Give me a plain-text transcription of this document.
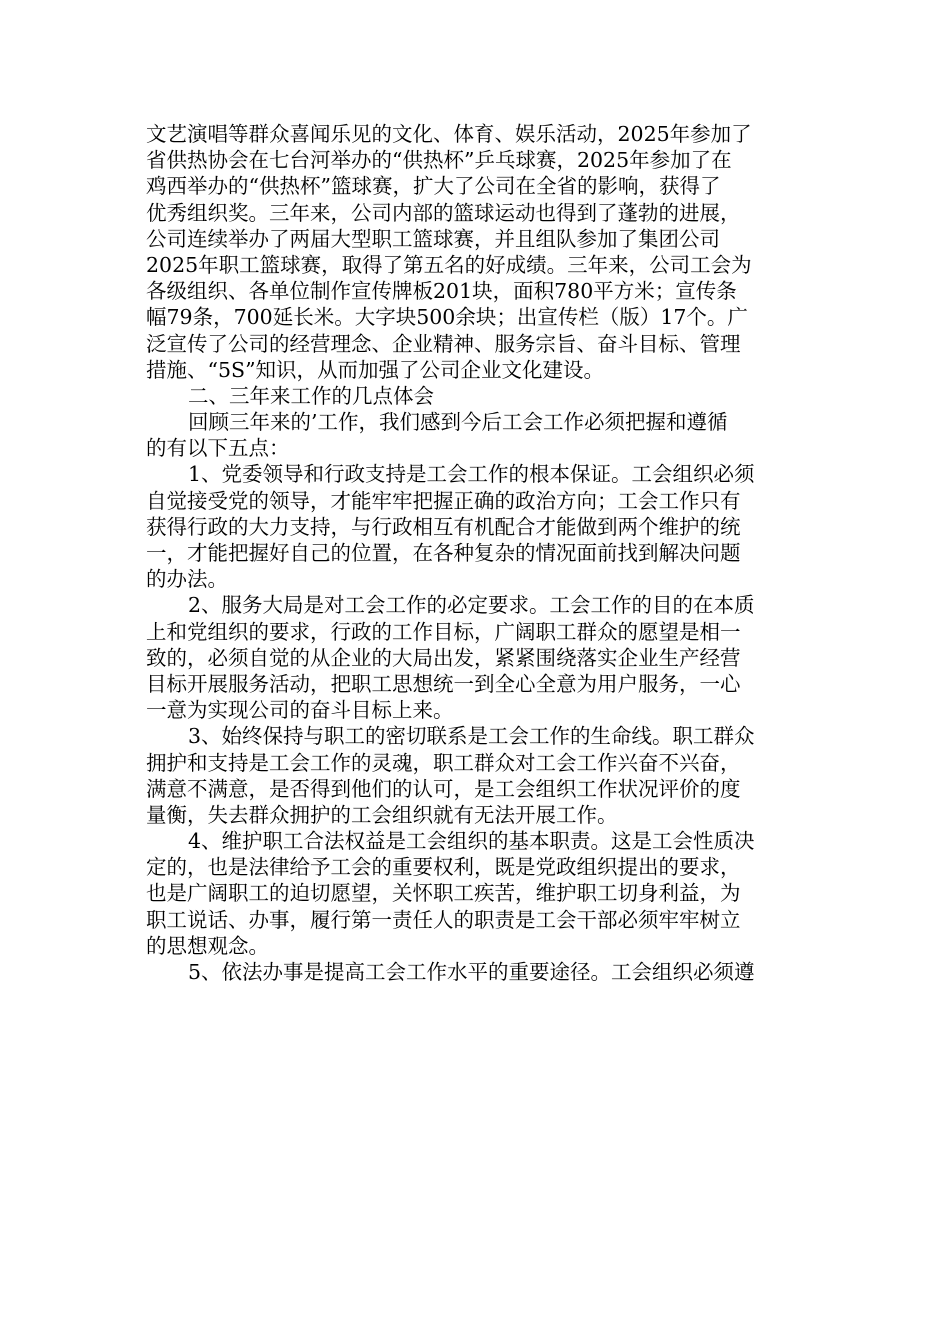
文艺演唱等群众喜闻乐见的文化、体育、娱乐活动，2025年参加了
省供热协会在七台河举办的“供热杯”乒乓球赛，2025年参加了在
鸡西举办的“供热杯”篮球赛，扩大了公司在全省的影响，获得了
优秀组织奖。三年来，公司内部的篮球运动也得到了蓬勃的进展，
公司连续举办了两届大型职工篮球赛，并且组队参加了集团公司
2025年职工篮球赛，取得了第五名的好成绩。三年来，公司工会为
各级组织、各单位制作宣传牌板201块，面积780平方米；宣传条
幅79条，700延长米。大字块500余块；出宣传栏（版）17个。广
泛宣传了公司的经营理念、企业精神、服务宗旨、奋斗目标、管理
措施、“5S”知识，从而加强了公司企业文化建设。
二、三年来工作的几点体会
回顾三年来的’工作，我们感到今后工会工作必须把握和遵循
的有以下五点：
1、党委领导和行政支持是工会工作的根本保证。工会组织必须
自觉接受党的领导，才能牢牢把握正确的政治方向；工会工作只有
获得行政的大力支持，与行政相互有机配合才能做到两个维护的统
一，才能把握好自己的位置，在各种复杂的情况面前找到解决问题
的办法。
2、服务大局是对工会工作的必定要求。工会工作的目的在本质
上和党组织的要求，行政的工作目标，广阔职工群众的愿望是相一
致的，必须自觉的从企业的大局出发，紧紧围绕落实企业生产经营
目标开展服务活动，把职工思想统一到全心全意为用户服务，一心
一意为实现公司的奋斗目标上来。
3、始终保持与职工的密切联系是工会工作的生命线。职工群众
拥护和支持是工会工作的灵魂，职工群众对工会工作兴奋不兴奋，
满意不满意，是否得到他们的认可，是工会组织工作状况评价的度
量衡，失去群众拥护的工会组织就有无法开展工作。
4、维护职工合法权益是工会组织的基本职责。这是工会性质决
定的，也是法律给予工会的重要权利，既是党政组织提出的要求，
也是广阔职工的迫切愿望，关怀职工疾苦，维护职工切身利益，为
职工说话、办事，履行第一责任人的职责是工会干部必须牢牢树立
的思想观念。
5、依法办事是提高工会工作水平的重要途径。工会组织必须遵
